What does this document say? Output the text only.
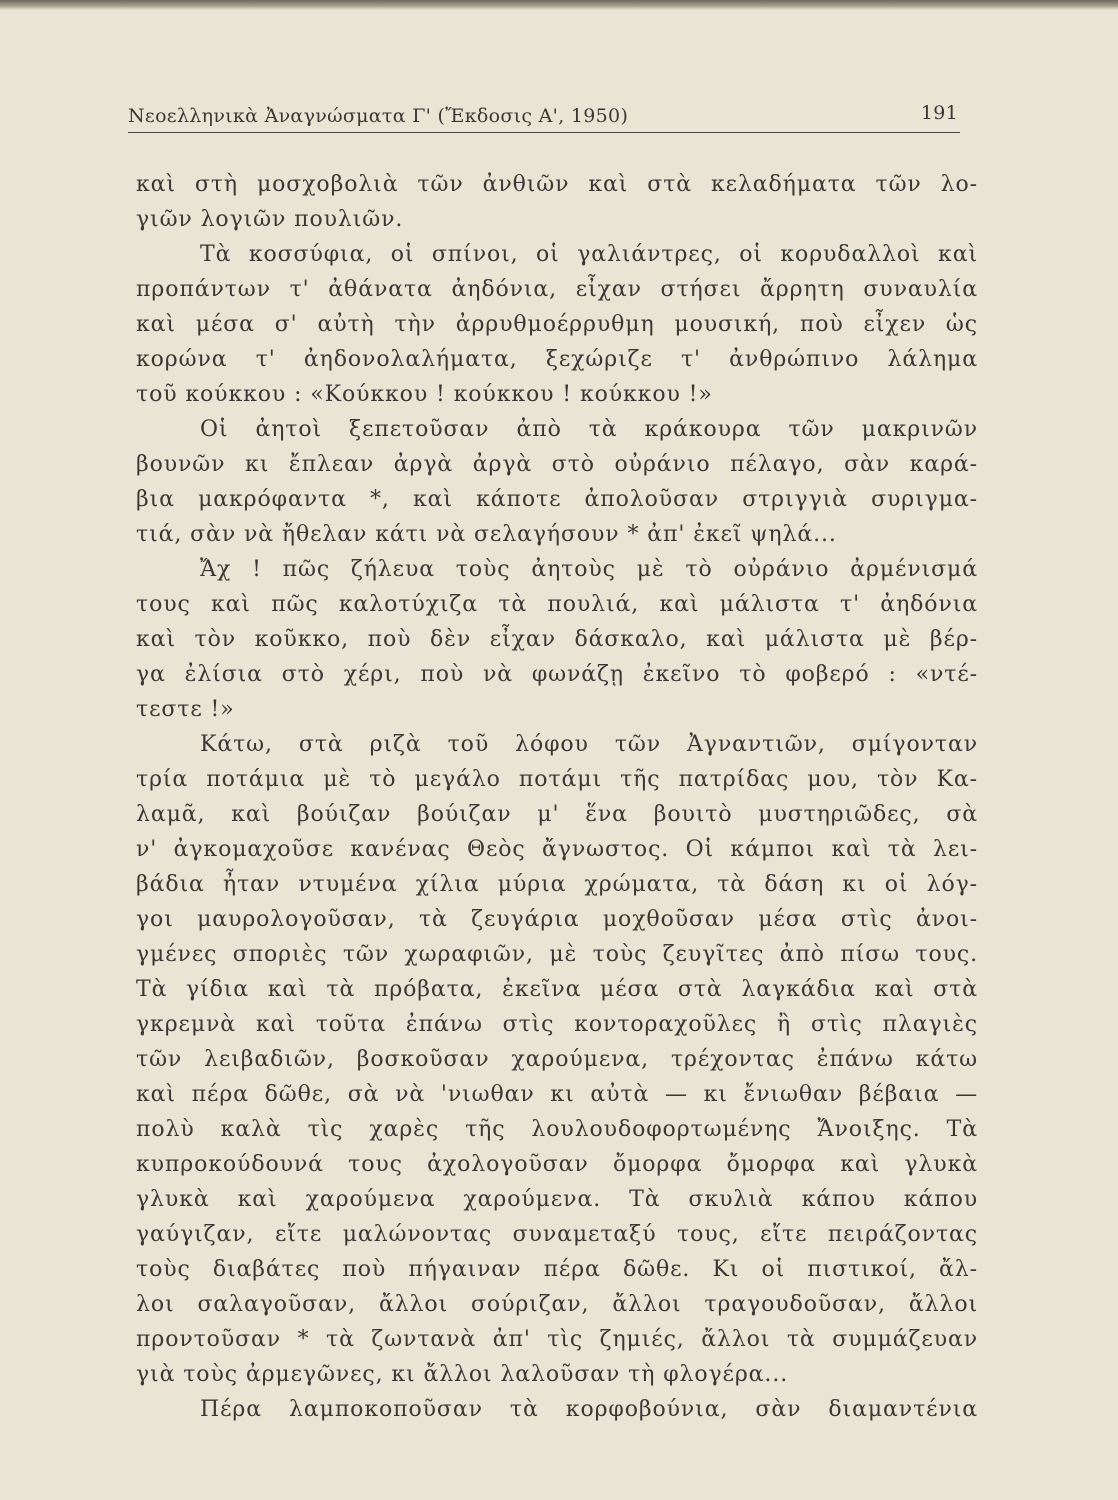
Νεοελληνικὰ Ἀναγνώσματα Γ' (Ἔκδοσις Α', 1950)	191
καὶ στὴ μοσχοβολιὰ τῶν ἀνθιῶν καὶ στὰ κελαδήματα τῶν λο-
γιῶν λογιῶν πουλιῶν.
Τὰ κοσσύφια, οἱ σπίνοι, οἱ γαλιάντρες, οἱ κορυδαλλοὶ καὶ
προπάντων τ' ἀθάνατα ἀηδόνια, εἶχαν στήσει ἄρρητη συναυλία
καὶ μέσα σ' αὐτὴ τὴν ἀρρυθμοέρρυθμη μουσική, ποὺ εἶχεν ὡς
κορώνα τ' ἀηδονολαλήματα, ξεχώριζε τ' ἀνθρώπινο λάλημα
τοῦ κούκκου : «Κούκκου ! κούκκου ! κούκκου !»
Οἱ ἀητοὶ ξεπετοῦσαν ἀπὸ τὰ κράκουρα τῶν μακρινῶν
βουνῶν κι ἔπλεαν ἀργὰ ἀργὰ στὸ οὐράνιο πέλαγο, σὰν καρά-
βια μακρόφαντα *, καὶ κάποτε ἀπολοῦσαν στριγγιὰ συριγμα-
τιά, σὰν νὰ ἤθελαν κάτι νὰ σελαγήσουν * ἀπ' ἐκεῖ ψηλά...
Ἄχ ! πῶς ζήλευα τοὺς ἀητοὺς μὲ τὸ οὐράνιο ἀρμένισμά
τους καὶ πῶς καλοτύχιζα τὰ πουλιά, καὶ μάλιστα τ' ἀηδόνια
καὶ τὸν κοῦκκο, ποὺ δὲν εἶχαν δάσκαλο, καὶ μάλιστα μὲ βέρ-
γα ἐλίσια στὸ χέρι, ποὺ νὰ φωνάζῃ ἐκεῖνο τὸ φοβερό : «ντέ-
τεστε !»
Κάτω, στὰ ριζὰ τοῦ λόφου τῶν Ἀγναντιῶν, σμίγονταν
τρία ποτάμια μὲ τὸ μεγάλο ποτάμι τῆς πατρίδας μου, τὸν Κα-
λαμᾶ, καὶ βούιζαν βούιζαν μ' ἕνα βουιτὸ μυστηριῶδες, σὰ
ν' ἀγκομαχοῦσε κανένας Θεὸς ἄγνωστος. Οἱ κάμποι καὶ τὰ λει-
βάδια ἦταν ντυμένα χίλια μύρια χρώματα, τὰ δάση κι οἱ λόγ-
γοι μαυρολογοῦσαν, τὰ ζευγάρια μοχθοῦσαν μέσα στὶς ἀνοι-
γμένες σποριὲς τῶν χωραφιῶν, μὲ τοὺς ζευγῖτες ἀπὸ πίσω τους.
Τὰ γίδια καὶ τὰ πρόβατα, ἐκεῖνα μέσα στὰ λαγκάδια καὶ στὰ
γκρεμνὰ καὶ τοῦτα ἐπάνω στὶς κοντοραχοῦλες ἢ στὶς πλαγιὲς
τῶν λειβαδιῶν, βοσκοῦσαν χαρούμενα, τρέχοντας ἐπάνω κάτω
καὶ πέρα δῶθε, σὰ νὰ 'νιωθαν κι αὐτὰ — κι ἔνιωθαν βέβαια —
πολὺ καλὰ τὶς χαρὲς τῆς λουλουδοφορτωμένης Ἄνοιξης. Τὰ
κυπροκούδουνά τους ἀχολογοῦσαν ὄμορφα ὄμορφα καὶ γλυκὰ
γλυκὰ καὶ χαρούμενα χαρούμενα. Τὰ σκυλιὰ κάπου κάπου
γαύγιζαν, εἴτε μαλώνοντας συναμεταξύ τους, εἴτε πειράζοντας
τοὺς διαβάτες ποὺ πήγαιναν πέρα δῶθε. Κι οἱ πιστικοί, ἄλ-
λοι σαλαγοῦσαν, ἄλλοι σούριζαν, ἄλλοι τραγουδοῦσαν, ἄλλοι
προντοῦσαν * τὰ ζωντανὰ ἀπ' τὶς ζημιές, ἄλλοι τὰ συμμάζευαν
γιὰ τοὺς ἀρμεγῶνες, κι ἄλλοι λαλοῦσαν τὴ φλογέρα...
Πέρα λαμποκοποῦσαν τὰ κορφοβούνια, σὰν διαμαντένια
